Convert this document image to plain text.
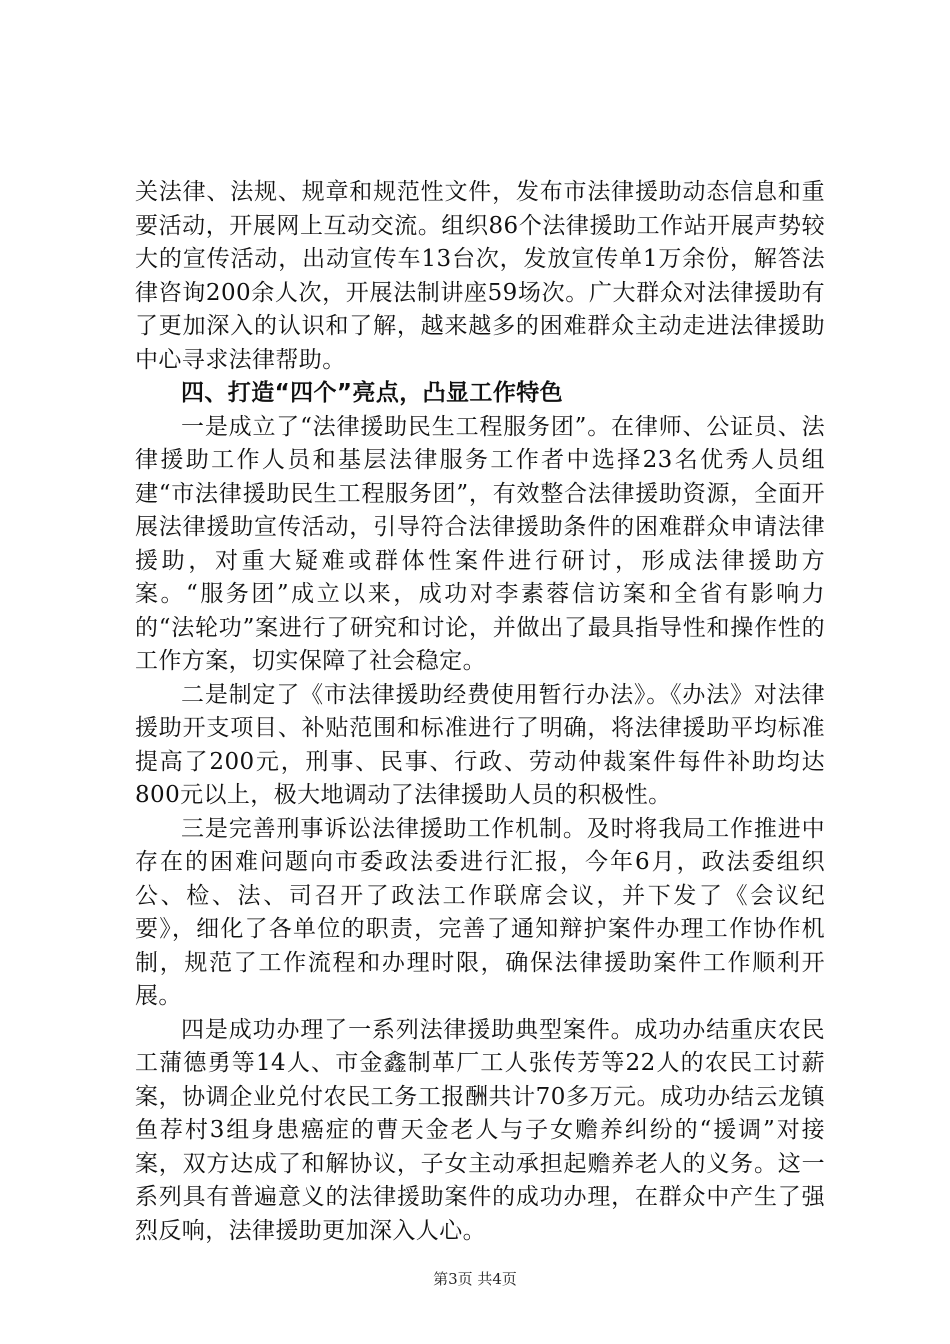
关法律、法规、规章和规范性文件，发布市法律援助动态信息和重要活动，开展网上互动交流。组织86个法律援助工作站开展声势较大的宣传活动，出动宣传车13台次，发放宣传单1万余份，解答法律咨询200余人次，开展法制讲座59场次。广大群众对法律援助有了更加深入的认识和了解，越来越多的困难群众主动走进法律援助中心寻求法律帮助。

四、打造“四个”亮点，凸显工作特色

一是成立了“法律援助民生工程服务团”。在律师、公证员、法律援助工作人员和基层法律服务工作者中选择23名优秀人员组建“市法律援助民生工程服务团”，有效整合法律援助资源，全面开展法律援助宣传活动，引导符合法律援助条件的困难群众申请法律援助，对重大疑难或群体性案件进行研讨，形成法律援助方案。“服务团”成立以来，成功对李素蓉信访案和全省有影响力的“法轮功”案进行了研究和讨论，并做出了最具指导性和操作性的工作方案，切实保障了社会稳定。

二是制定了《市法律援助经费使用暂行办法》。《办法》对法律援助开支项目、补贴范围和标准进行了明确，将法律援助平均标准提高了200元，刑事、民事、行政、劳动仲裁案件每件补助均达800元以上，极大地调动了法律援助人员的积极性。

三是完善刑事诉讼法律援助工作机制。及时将我局工作推进中存在的困难问题向市委政法委进行汇报，今年6月，政法委组织公、检、法、司召开了政法工作联席会议，并下发了《会议纪要》，细化了各单位的职责，完善了通知辩护案件办理工作协作机制，规范了工作流程和办理时限，确保法律援助案件工作顺利开展。

四是成功办理了一系列法律援助典型案件。成功办结重庆农民工蒲德勇等14人、市金鑫制革厂工人张传芳等22人的农民工讨薪案，协调企业兑付农民工务工报酬共计70多万元。成功办结云龙镇鱼荐村3组身患癌症的曹天金老人与子女赡养纠纷的“援调”对接案，双方达成了和解协议，子女主动承担起赡养老人的义务。这一系列具有普遍意义的法律援助案件的成功办理，在群众中产生了强烈反响，法律援助更加深入人心。

第3页 共4页
